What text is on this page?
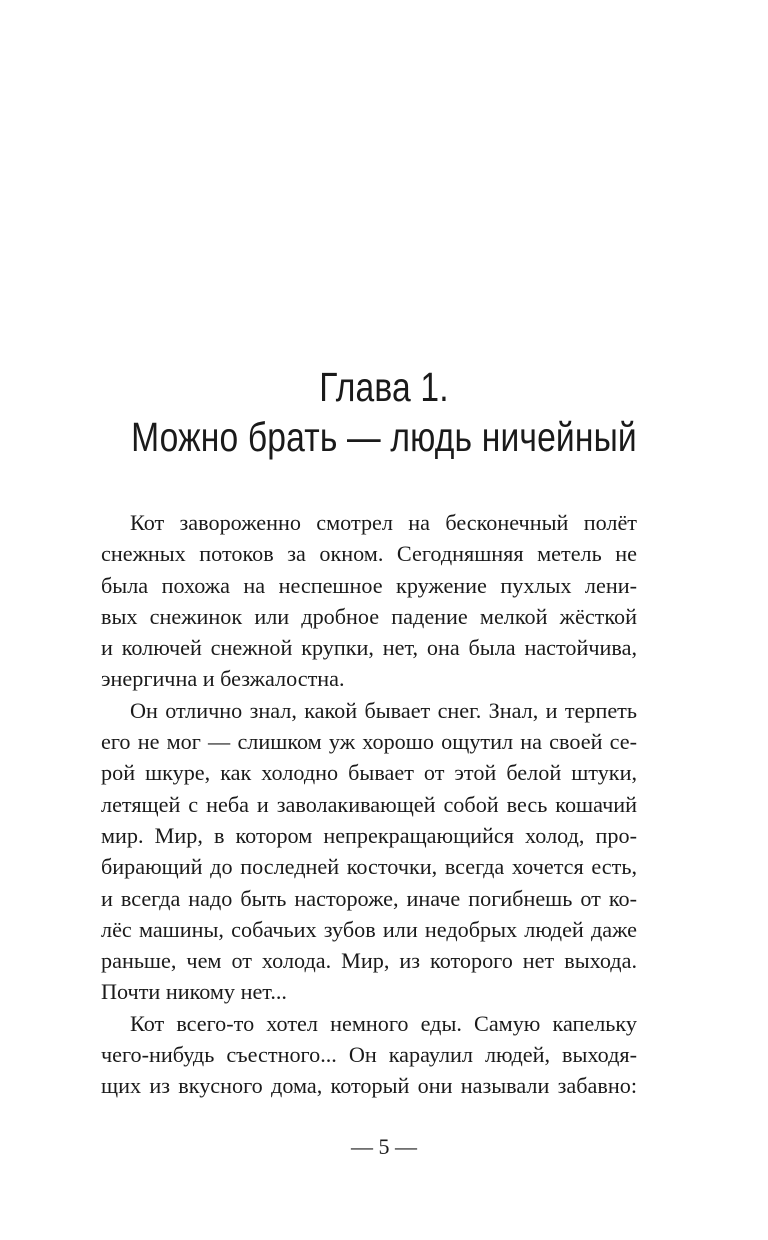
Глава 1.
Можно брать — людь ничейный
Кот завороженно смотрел на бесконечный полёт
снежных потоков за окном. Сегодняшняя метель не
была похожа на неспешное кружение пухлых лени-
вых снежинок или дробное падение мелкой жёсткой
и колючей снежной крупки, нет, она была настойчива,
энергична и безжалостна.
Он отлично знал, какой бывает снег. Знал, и терпеть
его не мог — слишком уж хорошо ощутил на своей се-
рой шкуре, как холодно бывает от этой белой штуки,
летящей с неба и заволакивающей собой весь кошачий
мир. Мир, в котором непрекращающийся холод, про-
бирающий до последней косточки, всегда хочется есть,
и всегда надо быть настороже, иначе погибнешь от ко-
лёс машины, собачьих зубов или недобрых людей даже
раньше, чем от холода. Мир, из которого нет выхода.
Почти никому нет...
Кот всего-то хотел немного еды. Самую капельку
чего-нибудь съестного... Он караулил людей, выходя-
щих из вкусного дома, который они называли забавно:
— 5 —
